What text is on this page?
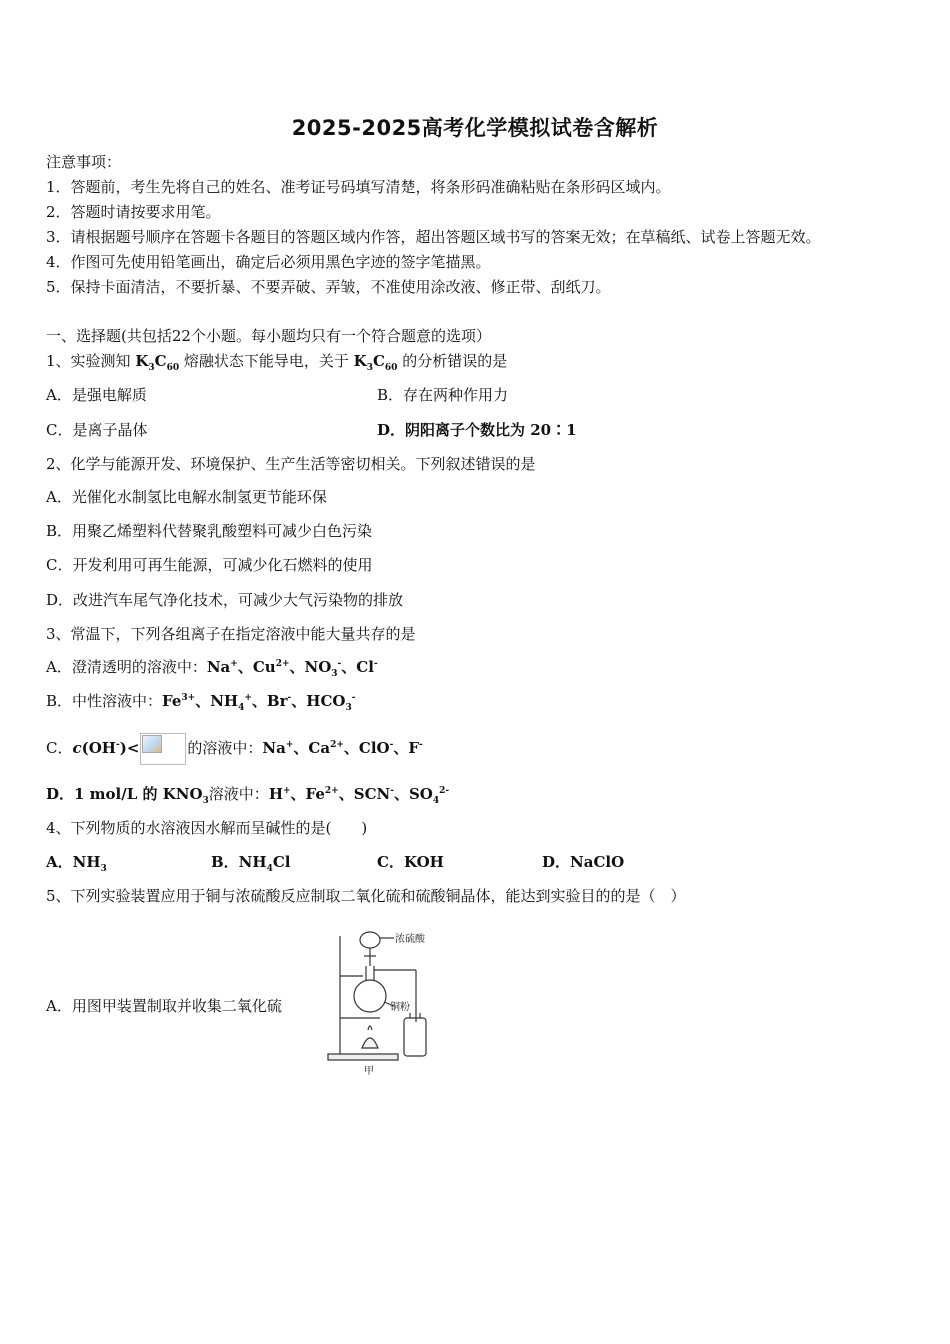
2025-2025高考化学模拟试卷含解析
注意事项：
1．答题前，考生先将自己的姓名、准考证号码填写清楚，将条形码准确粘贴在条形码区域内。
2．答题时请按要求用笔。
3．请根据题号顺序在答题卡各题目的答题区域内作答，超出答题区域书写的答案无效；在草稿纸、试卷上答题无效。
4．作图可先使用铅笔画出，确定后必须用黑色字迹的签字笔描黑。
5．保持卡面清洁，不要折暴、不要弄破、弄皱，不准使用涂改液、修正带、刮纸刀。
一、选择题(共包括22个小题。每小题均只有一个符合题意的选项）
1、实验测知 $K_3C_{60}$ 熔融状态下能导电，关于 $K_3C_{60}$ 的分析错误的是
A．是强电解质	B．存在两种作用力
C．是离子晶体	D．阴阳离子个数比为 20∶1
2、化学与能源开发、环境保护、生产生活等密切相关。下列叙述错误的是
A．光催化水制氢比电解水制氢更节能环保
B．用聚乙烯塑料代替聚乳酸塑料可减少白色污染
C．开发利用可再生能源，可减少化石燃料的使用
D．改进汽车尾气净化技术，可减少大气污染物的排放
3、常温下，下列各组离子在指定溶液中能大量共存的是
A．澄清透明的溶液中：Na+、$Cu^{2+}$、$NO_3^-$、Cl-
B．中性溶液中：$Fe^{3+}$、$NH_4^+$、Br-、$HCO_3^-$
C．c(OH-)<	的溶液中：Na+、$Ca^{2+}$、ClO-、F-
D．1 mol/L 的 $KNO_3$溶液中：H+、$Fe^{2+}$、SCN-、$SO_4^{2-}$
4、下列物质的水溶液因水解而呈碱性的是(　　)
A．$NH_3$	B．$NH_4Cl$	C．KOH	D．NaClO
5、下列实验装置应用于铜与浓硫酸反应制取二氧化硫和硫酸铜晶体，能达到实验目的的是（　）
A．用图甲装置制取并收集二氧化硫
浓硫酸
铜粉
甲
